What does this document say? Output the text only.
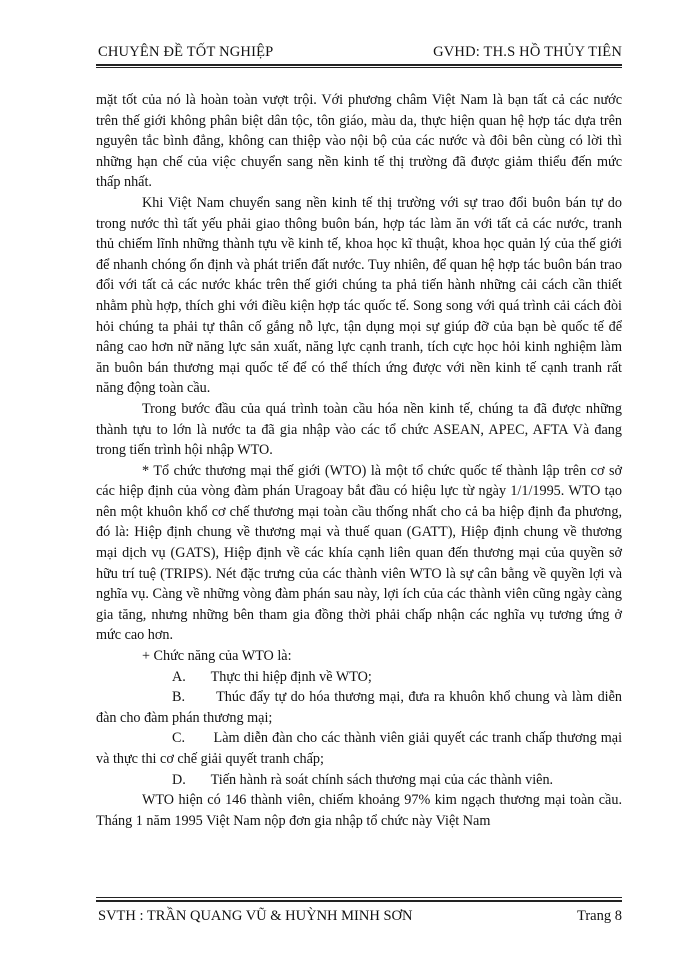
CHUYÊN ĐỀ TỐT NGHIỆP	GVHD: TH.S HỒ THỦY TIÊN

mặt tốt của nó là hoàn toàn vượt trội. Với phương châm Việt Nam là bạn tất cả các nước trên thế giới không phân biệt dân tộc, tôn giáo, màu da, thực hiện quan hệ hợp tác dựa trên nguyên tắc bình đẳng, không can thiệp vào nội bộ của các nước và đôi bên cùng có lời thì những hạn chế của việc chuyển sang nền kinh tế thị trường đã được giảm thiểu đến mức thấp nhất.

Khi Việt Nam chuyển sang nền kinh tế thị trường với sự trao đổi buôn bán tự do trong nước thì tất yếu phải giao thông buôn bán, hợp tác làm ăn với tất cả các nước, tranh thủ chiếm lĩnh những thành tựu về kinh tế, khoa học kĩ thuật, khoa học quản lý của thế giới để nhanh chóng ổn định và phát triển đất nước. Tuy nhiên, để quan hệ hợp tác buôn bán trao đổi với tất cả các nước khác trên thế giới chúng ta phả tiến hành những cải cách cần thiết nhằm phù hợp, thích ghi với điều kiện hợp tác quốc tế. Song song với quá trình cải cách đòi hỏi chúng ta phải tự thân cố gắng nỗ lực, tận dụng mọi sự giúp đỡ của bạn bè quốc tế để nâng cao hơn nữ năng lực sản xuất, năng lực cạnh tranh, tích cực học hỏi kinh nghiệm làm ăn buôn bán thương mại quốc tế để có thể thích ứng được với nền kinh tế cạnh tranh rất năng động toàn cầu.

Trong bước đầu của quá trình toàn cầu hóa nền kinh tế, chúng ta đã được những thành tựu to lớn là nước ta đã gia nhập vào các tổ chức ASEAN, APEC, AFTA Và đang trong tiến trình hội nhập WTO.

* Tổ chức thương mại thế giới (WTO) là một tổ chức quốc tế thành lập trên cơ sở các hiệp định của vòng đàm phán Uragoay bắt đầu có hiệu lực từ ngày 1/1/1995. WTO tạo nên một khuôn khổ cơ chế thương mại toàn cầu thống nhất cho cả ba hiệp định đa phương, đó là: Hiệp định chung về thương mại và thuế quan (GATT), Hiệp định chung về thương mại dịch vụ (GATS), Hiệp định về các khía cạnh liên quan đến thương mại của quyền sở hữu trí tuệ (TRIPS). Nét đặc trưng của các thành viên WTO là sự cân bằng về quyền lợi và nghĩa vụ. Càng về những vòng đàm phán sau này, lợi ích của các thành viên cũng ngày càng gia tăng, nhưng những bên tham gia đồng thời phải chấp nhận các nghĩa vụ tương ứng ở mức cao hơn.

+ Chức năng của WTO là:

A. Thực thi hiệp định về WTO;

B. Thúc đẩy tự do hóa thương mại, đưa ra khuôn khổ chung và làm diễn đàn cho đàm phán thương mại;

C. Làm diễn đàn cho các thành viên giải quyết các tranh chấp thương mại và thực thi cơ chế giải quyết tranh chấp;

D. Tiến hành rà soát chính sách thương mại của các thành viên.

WTO hiện có 146 thành viên, chiếm khoảng 97% kim ngạch thương mại toàn cầu. Tháng 1 năm 1995 Việt Nam nộp đơn gia nhập tổ chức này Việt Nam

SVTH : TRẦN QUANG VŨ & HUỲNH MINH SƠN	Trang 8
